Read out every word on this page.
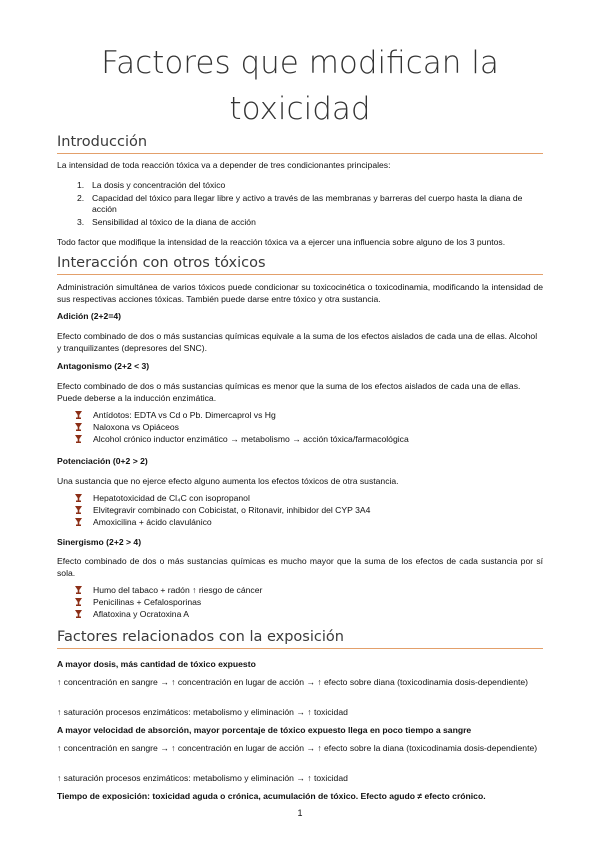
Factores que modifican la toxicidad
Introducción

La intensidad de toda reacción tóxica va a depender de tres condicionantes principales:

1. La dosis y concentración del tóxico
2. Capacidad del tóxico para llegar libre y activo a través de las membranas y barreras del cuerpo hasta la diana de acción
3. Sensibilidad al tóxico de la diana de acción

Todo factor que modifique la intensidad de la reacción tóxica va a ejercer una influencia sobre alguno de los 3 puntos.

Interacción con otros tóxicos

Administración simultánea de varios tóxicos puede condicionar su toxicocinética o toxicodinamia, modificando la intensidad de sus respectivas acciones tóxicas. También puede darse entre tóxico y otra sustancia.

Adición (2+2=4)

Efecto combinado de dos o más sustancias químicas equivale a la suma de los efectos aislados de cada una de ellas. Alcohol y tranquilizantes (depresores del SNC).

Antagonismo (2+2 < 3)

Efecto combinado de dos o más sustancias químicas es menor que la suma de los efectos aislados de cada una de ellas. Puede deberse a la inducción enzimática.

Antídotos: EDTA vs Cd o Pb. Dimercaprol vs Hg
Naloxona vs Opiáceos
Alcohol crónico inductor enzimático → metabolismo → acción tóxica/farmacológica

Potenciación (0+2 > 2)

Una sustancia que no ejerce efecto alguno aumenta los efectos tóxicos de otra sustancia.

Hepatotoxicidad de Cl₄C con isopropanol
Elvitegravir combinado con Cobicistat, o Ritonavir, inhibidor del CYP 3A4
Amoxicilina + ácido clavulánico

Sinergismo (2+2 > 4)

Efecto combinado de dos o más sustancias químicas es mucho mayor que la suma de los efectos de cada sustancia por sí sola.

Humo del tabaco + radón ↑ riesgo de cáncer
Penicilinas + Cefalosporinas
Aflatoxina y Ocratoxina A
Factores relacionados con la exposición

A mayor dosis, más cantidad de tóxico expuesto

↑ concentración en sangre → ↑ concentración en lugar de acción → ↑ efecto sobre diana (toxicodinamia dosis-dependiente)

↑ saturación procesos enzimáticos: metabolismo y eliminación → ↑ toxicidad

A mayor velocidad de absorción, mayor porcentaje de tóxico expuesto llega en poco tiempo a sangre

↑ concentración en sangre → ↑ concentración en lugar de acción → ↑ efecto sobre la diana (toxicodinamia dosis-dependiente)

↑ saturación procesos enzimáticos: metabolismo y eliminación → ↑ toxicidad

Tiempo de exposición: toxicidad aguda o crónica, acumulación de tóxico. Efecto agudo ≠ efecto crónico.

1
